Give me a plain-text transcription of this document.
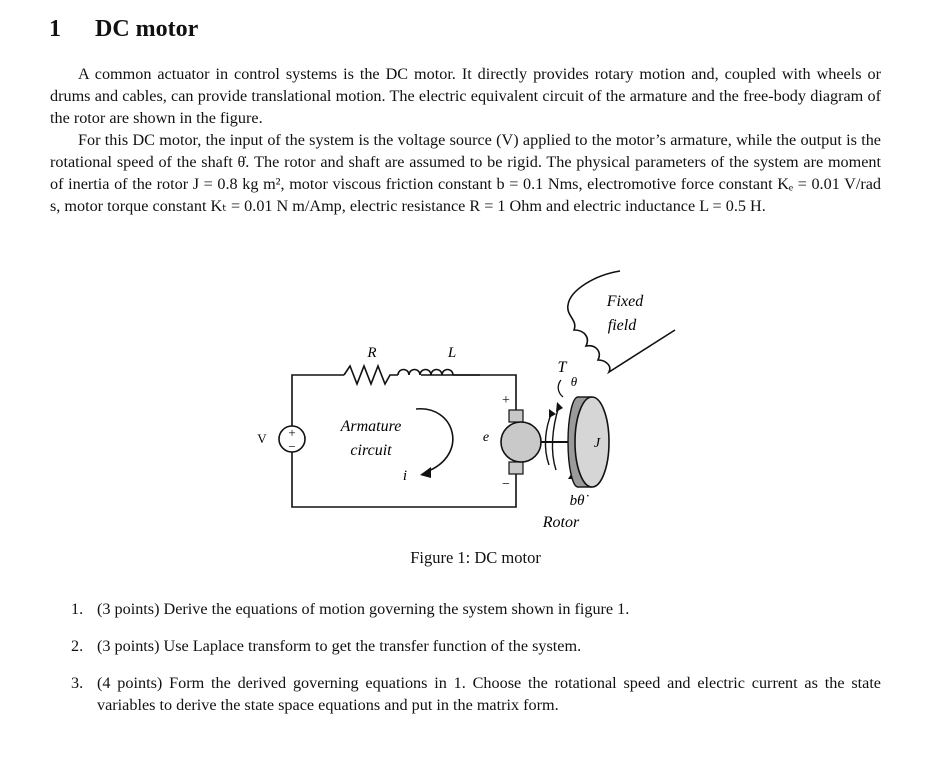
1 DC motor
A common actuator in control systems is the DC motor. It directly provides rotary motion and, coupled with wheels or drums and cables, can provide translational motion. The electric equivalent circuit of the armature and the free-body diagram of the rotor are shown in the figure.
For this DC motor, the input of the system is the voltage source (V) applied to the motor’s armature, while the output is the rotational speed of the shaft θ̇. The rotor and shaft are assumed to be rigid. The physical parameters of the system are moment of inertia of the rotor J = 0.8 kg m², motor viscous friction constant b = 0.1 Nms, electromotive force constant Kₑ = 0.01 V/rad s, motor torque constant Kₜ = 0.01 N m/Amp, electric resistance R = 1 Ohm and electric inductance L = 0.5 H.
+
−
V
R	L
Armature
circuit
i
+
e
−
J
T
θ
bθ̇
Rotor
Fixed
field
Figure 1: DC motor
1. (3 points) Derive the equations of motion governing the system shown in figure 1.
2. (3 points) Use Laplace transform to get the transfer function of the system.
3. (4 points) Form the derived governing equations in 1. Choose the rotational speed and electric current as the state variables to derive the state space equations and put in the matrix form.
